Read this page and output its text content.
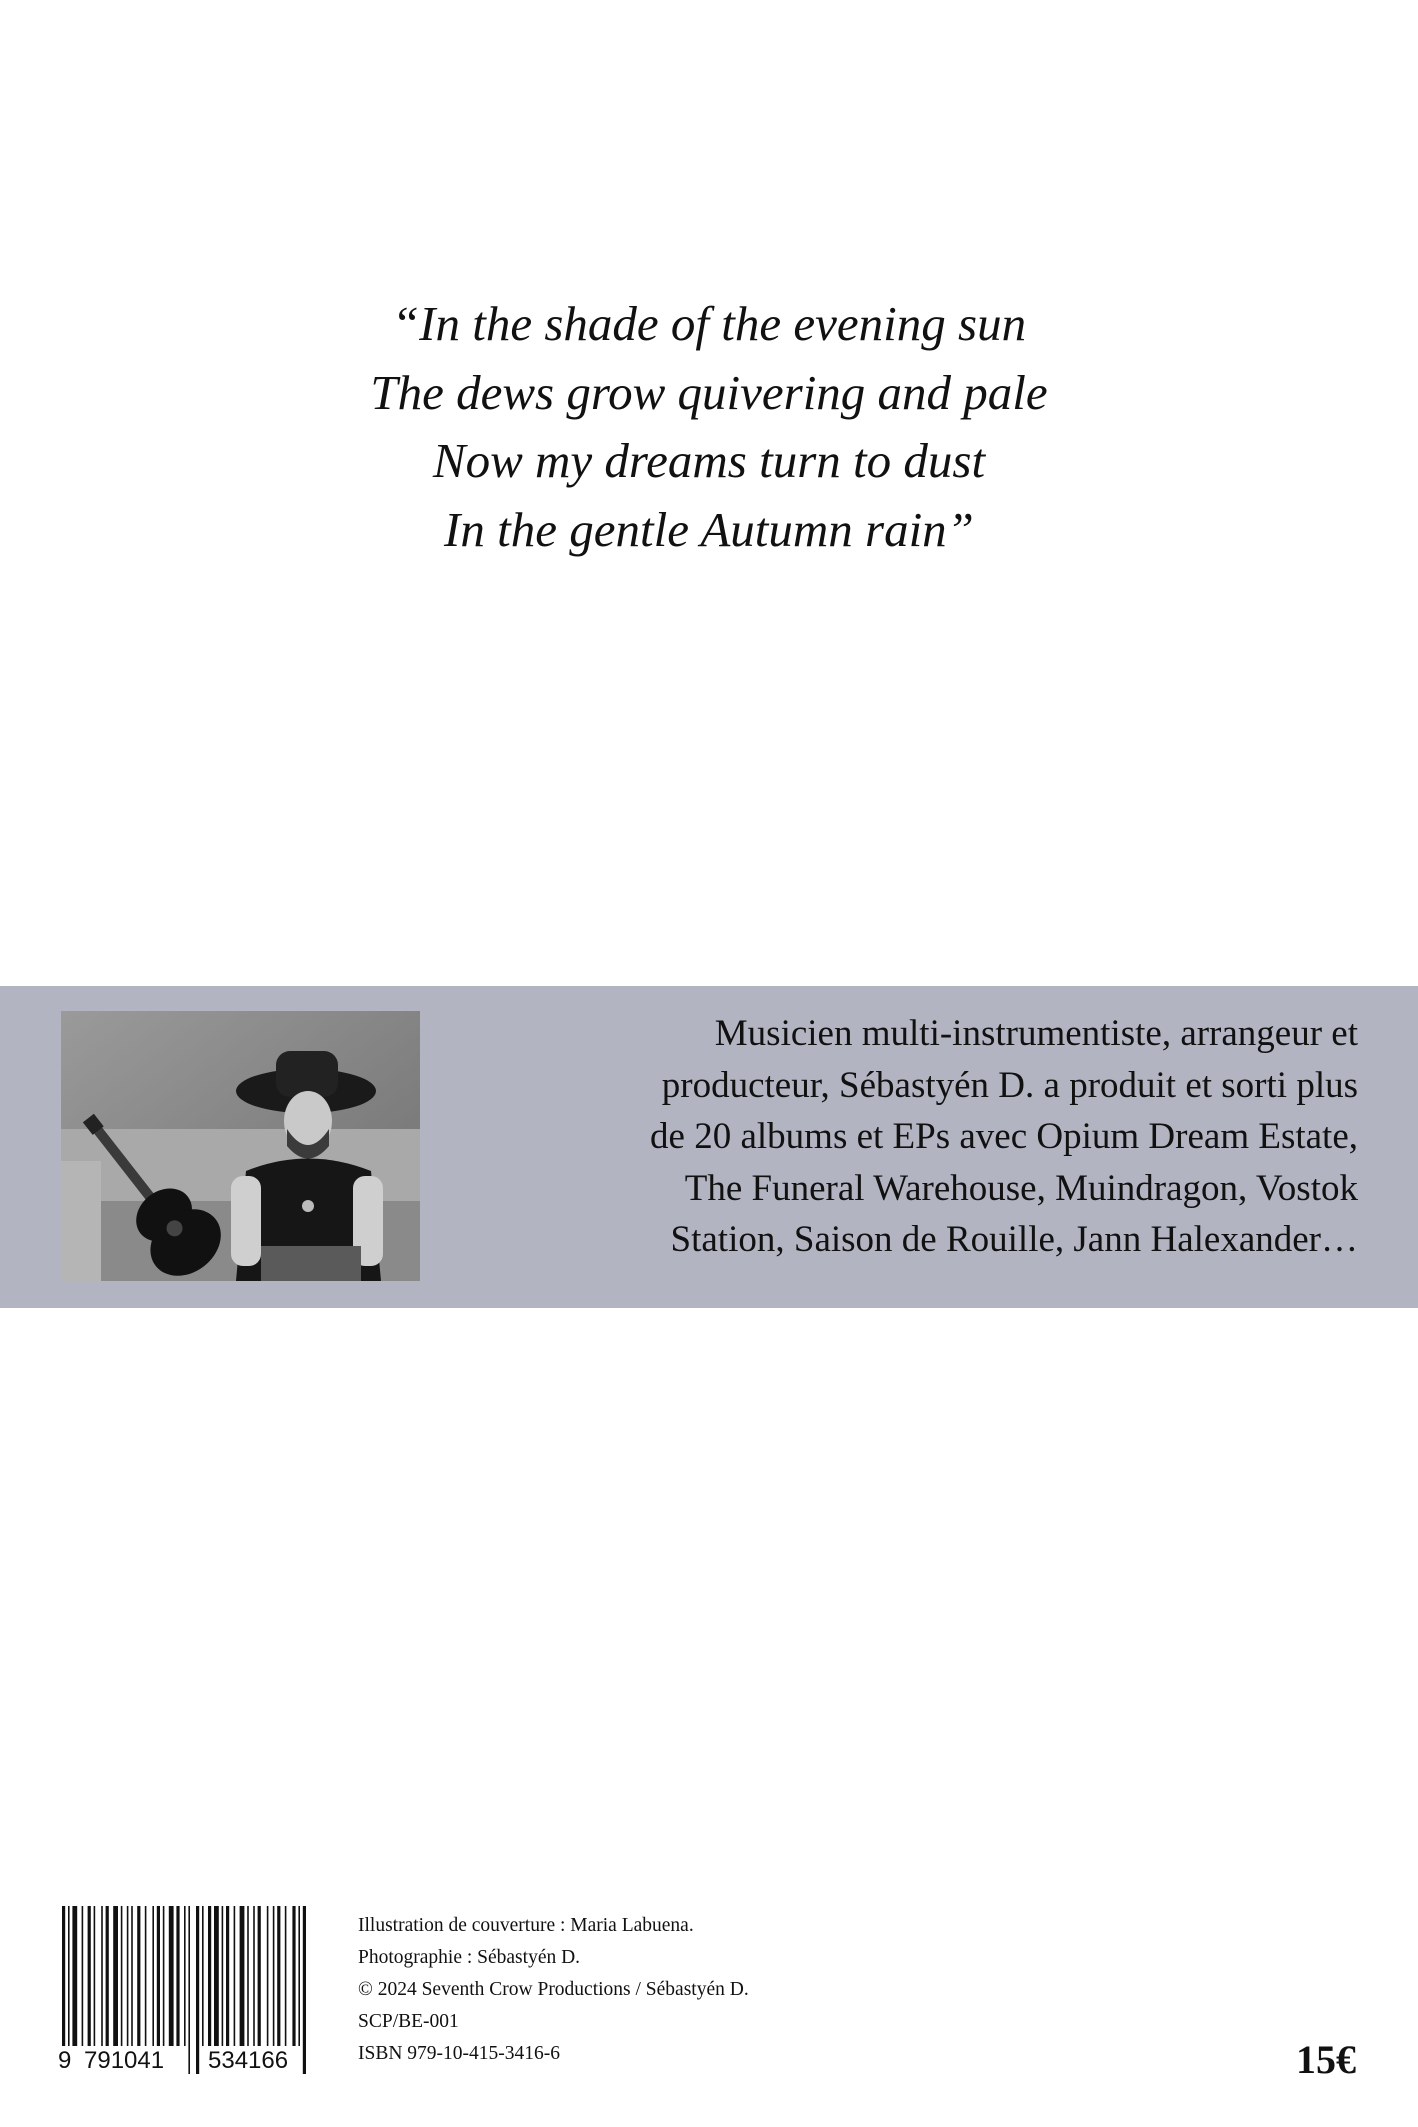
“In the shade of the evening sun
The dews grow quivering and pale
Now my dreams turn to dust
In the gentle Autumn rain”
Musicien multi-instrumentiste, arrangeur et
producteur, Sébastyén D. a produit et sorti plus
de 20 albums et EPs avec Opium Dream Estate,
The Funeral Warehouse, Muindragon, Vostok
Station, Saison de Rouille, Jann Halexander…
9 791041 534166
Illustration de couverture : Maria Labuena.
Photographie : Sébastyén D.
© 2024 Seventh Crow Productions / Sébastyén D.
SCP/BE-001
ISBN 979-10-415-3416-6	15€
